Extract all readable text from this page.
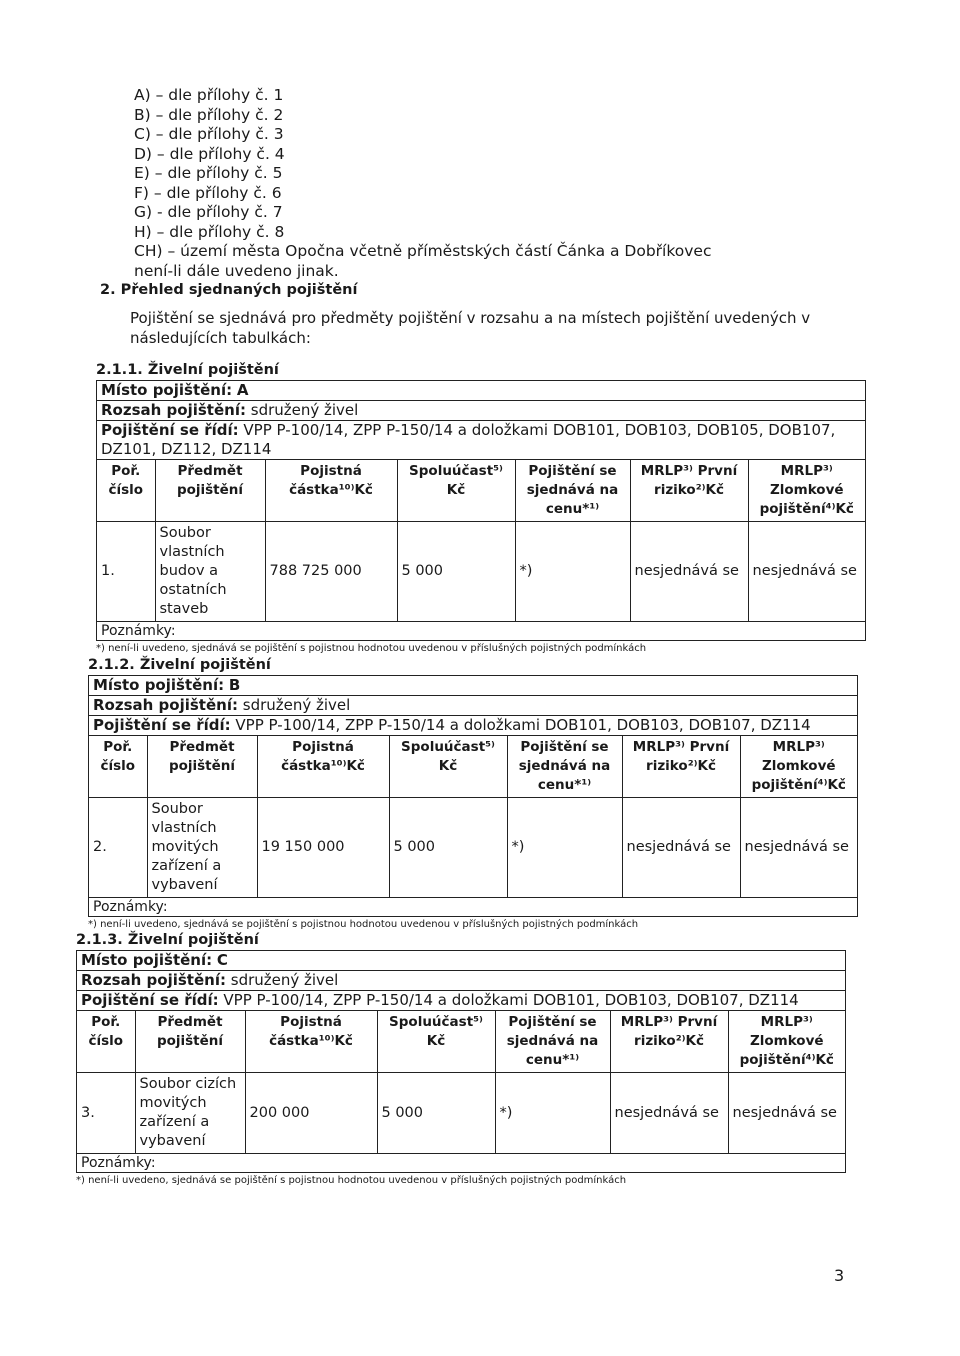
A) – dle přílohy č. 1
B) – dle přílohy č. 2
C) – dle přílohy č. 3
D) – dle přílohy č. 4
E) – dle přílohy č. 5
F) – dle přílohy č. 6
G) - dle přílohy č. 7
H) – dle přílohy č. 8
CH) – území města Opočna včetně příměstských částí Čánka a Dobříkovec
není-li dále uvedeno jinak.
2. Přehled sjednaných pojištění
Pojištění se sjednává pro předměty pojištění v rozsahu a na místech pojištění uvedených v následujících tabulkách:
2.1.1. Živelní pojištění
Místo pojištění: A
Rozsah pojištění: sdružený živel
Pojištění se řídí: VPP P-100/14, ZPP P-150/14 a doložkami DOB101, DOB103, DOB105, DOB107, DZ101, DZ112, DZ114
Poř. číslo	Předmět pojištění	Pojistná částka¹⁰⁾Kč	Spoluúčast⁵⁾ Kč	Pojištění se sjednává na cenu*¹⁾	MRLP³⁾ První riziko²⁾Kč	MRLP³⁾ Zlomkové pojištění⁴⁾Kč
1.	Soubor vlastních budov a ostatních staveb	788 725 000	5 000	*)	nesjednává se	nesjednává se
Poznámky:
*) není-li uvedeno, sjednává se pojištění s pojistnou hodnotou uvedenou v příslušných pojistných podmínkách
2.1.2. Živelní pojištění
Místo pojištění: B
Rozsah pojištění: sdružený živel
Pojištění se řídí: VPP P-100/14, ZPP P-150/14 a doložkami DOB101, DOB103, DOB107, DZ114
Poř. číslo	Předmět pojištění	Pojistná částka¹⁰⁾Kč	Spoluúčast⁵⁾ Kč	Pojištění se sjednává na cenu*¹⁾	MRLP³⁾ První riziko²⁾Kč	MRLP³⁾ Zlomkové pojištění⁴⁾Kč
2.	Soubor vlastních movitých zařízení a vybavení	19 150 000	5 000	*)	nesjednává se	nesjednává se
Poznámky:
*) není-li uvedeno, sjednává se pojištění s pojistnou hodnotou uvedenou v příslušných pojistných podmínkách
2.1.3. Živelní pojištění
Místo pojištění: C
Rozsah pojištění: sdružený živel
Pojištění se řídí: VPP P-100/14, ZPP P-150/14 a doložkami DOB101, DOB103, DOB107, DZ114
Poř. číslo	Předmět pojištění	Pojistná částka¹⁰⁾Kč	Spoluúčast⁵⁾ Kč	Pojištění se sjednává na cenu*¹⁾	MRLP³⁾ První riziko²⁾Kč	MRLP³⁾ Zlomkové pojištění⁴⁾Kč
3.	Soubor cizích movitých zařízení a vybavení	200 000	5 000	*)	nesjednává se	nesjednává se
Poznámky:
*) není-li uvedeno, sjednává se pojištění s pojistnou hodnotou uvedenou v příslušných pojistných podmínkách
3
